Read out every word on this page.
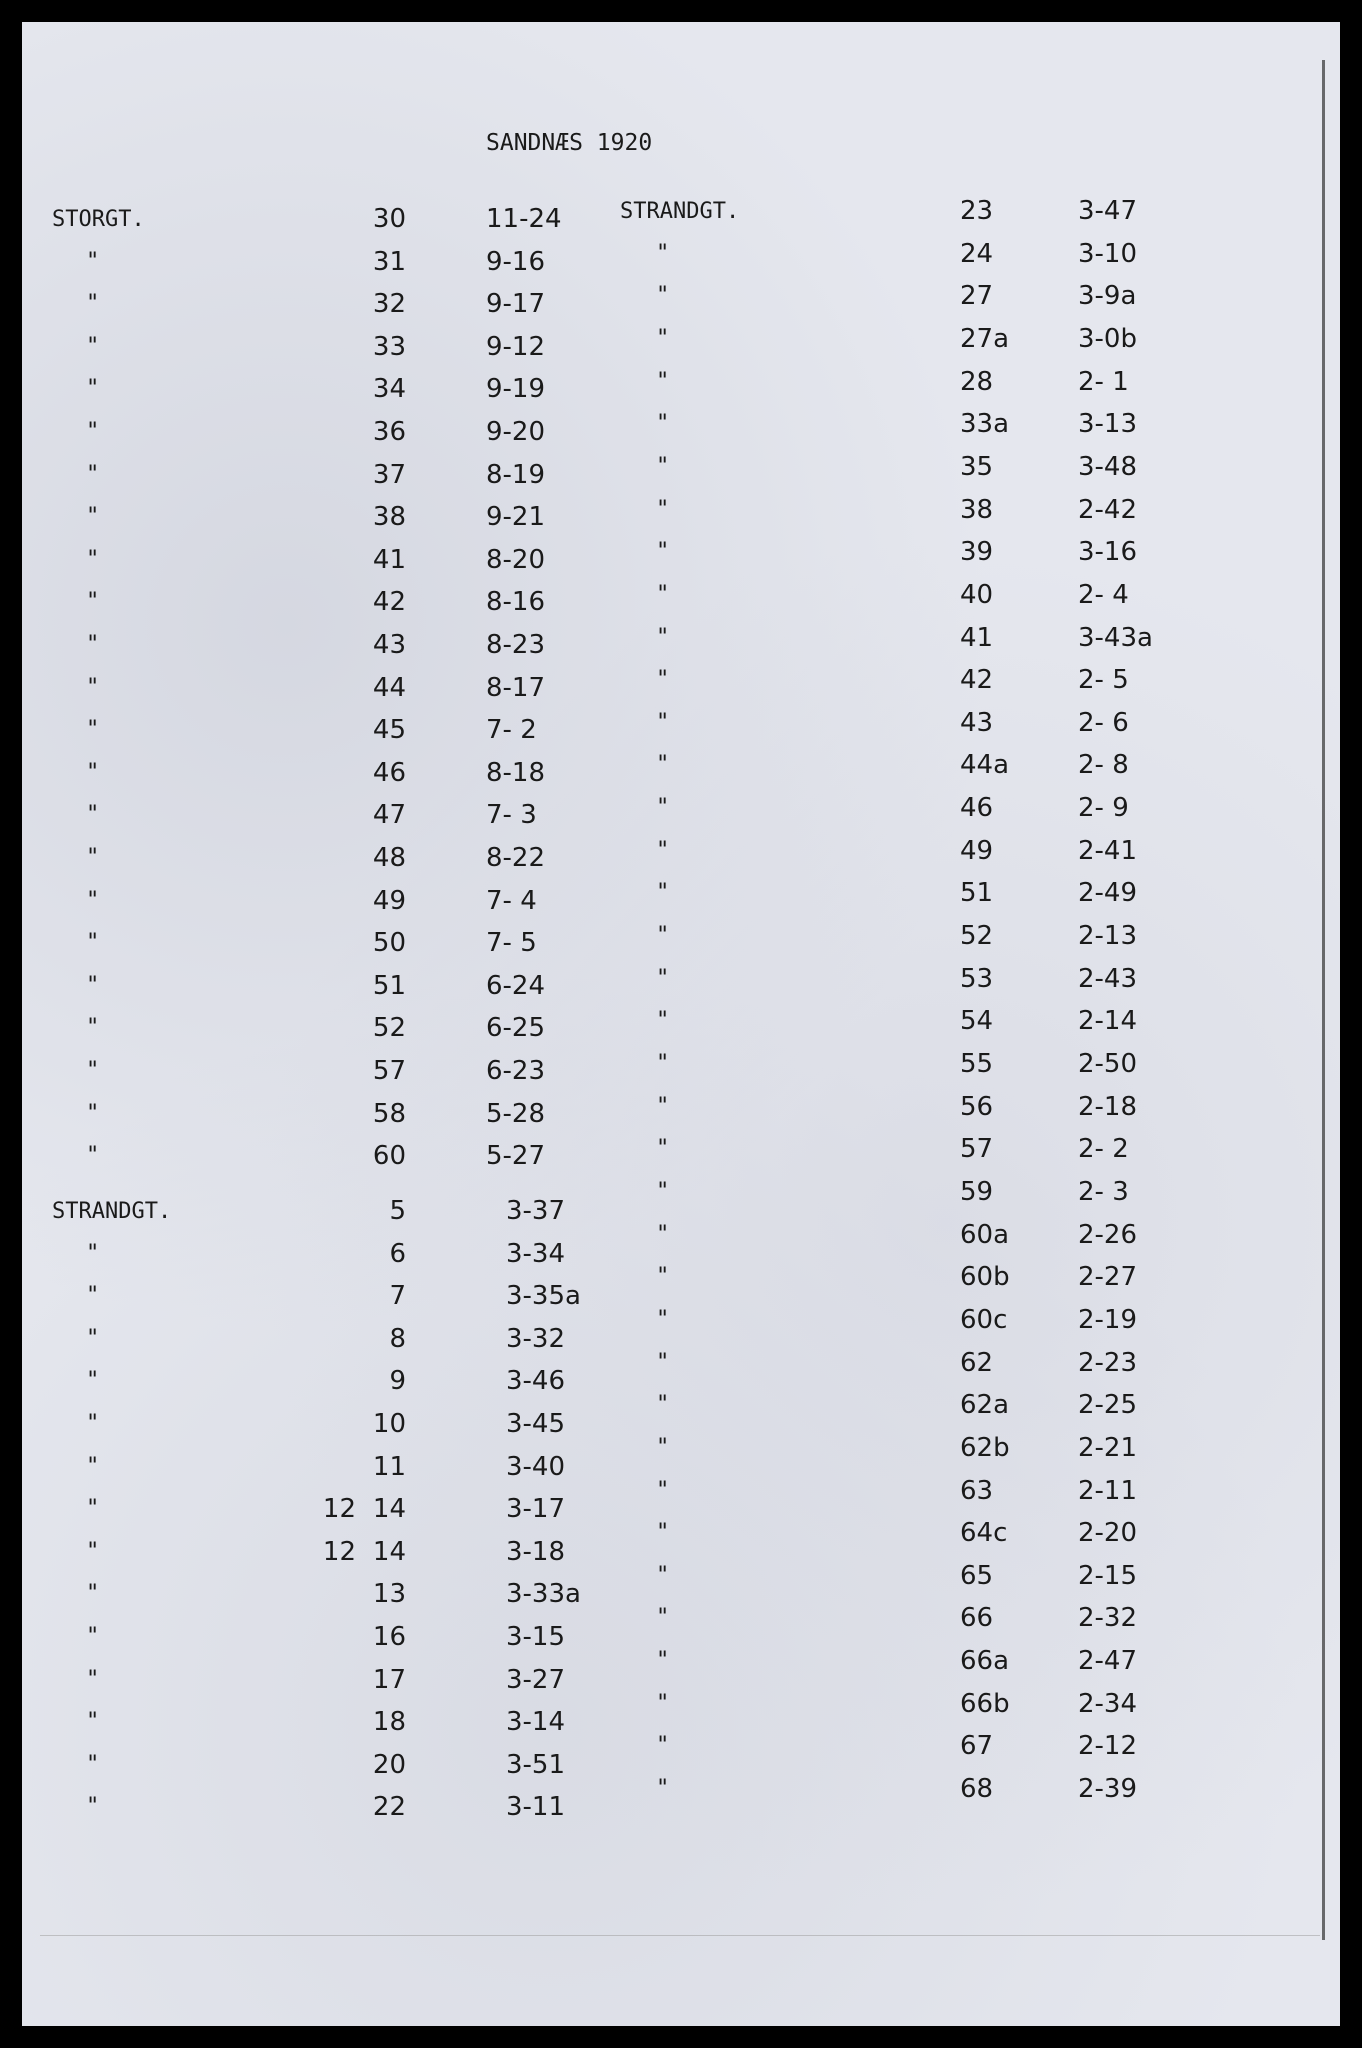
SANDNÆS 1920
STORGT.	30	11-24
"	31	9-16
"	32	9-17
"	33	9-12
"	34	9-19
"	36	9-20
"	37	8-19
"	38	9-21
"	41	8-20
"	42	8-16
"	43	8-23
"	44	8-17
"	45	7- 2
"	46	8-18
"	47	7- 3
"	48	8-22
"	49	7- 4
"	50	7- 5
"	51	6-24
"	52	6-25
"	57	6-23
"	58	5-28
"	60	5-27
STRANDGT.	5	3-37
"	6	3-34
"	7	3-35a
"	8	3-32
"	9	3-46
"	10	3-45
"	11	3-40
"	12 14	3-17
"	12 14	3-18
"	13	3-33a
"	16	3-15
"	17	3-27
"	18	3-14
"	20	3-51
"	22	3-11
STRANDGT.	23	3-47
"	24	3-10
"	27	3-9a
"	27a	3-0b
"	28	2- 1
"	33a	3-13
"	35	3-48
"	38	2-42
"	39	3-16
"	40	2- 4
"	41	3-43a
"	42	2- 5
"	43	2- 6
"	44a	2- 8
"	46	2- 9
"	49	2-41
"	51	2-49
"	52	2-13
"	53	2-43
"	54	2-14
"	55	2-50
"	56	2-18
"	57	2- 2
"	59	2- 3
"	60a	2-26
"	60b	2-27
"	60c	2-19
"	62	2-23
"	62a	2-25
"	62b	2-21
"	63	2-11
"	64c	2-20
"	65	2-15
"	66	2-32
"	66a	2-47
"	66b	2-34
"	67	2-12
"	68	2-39
